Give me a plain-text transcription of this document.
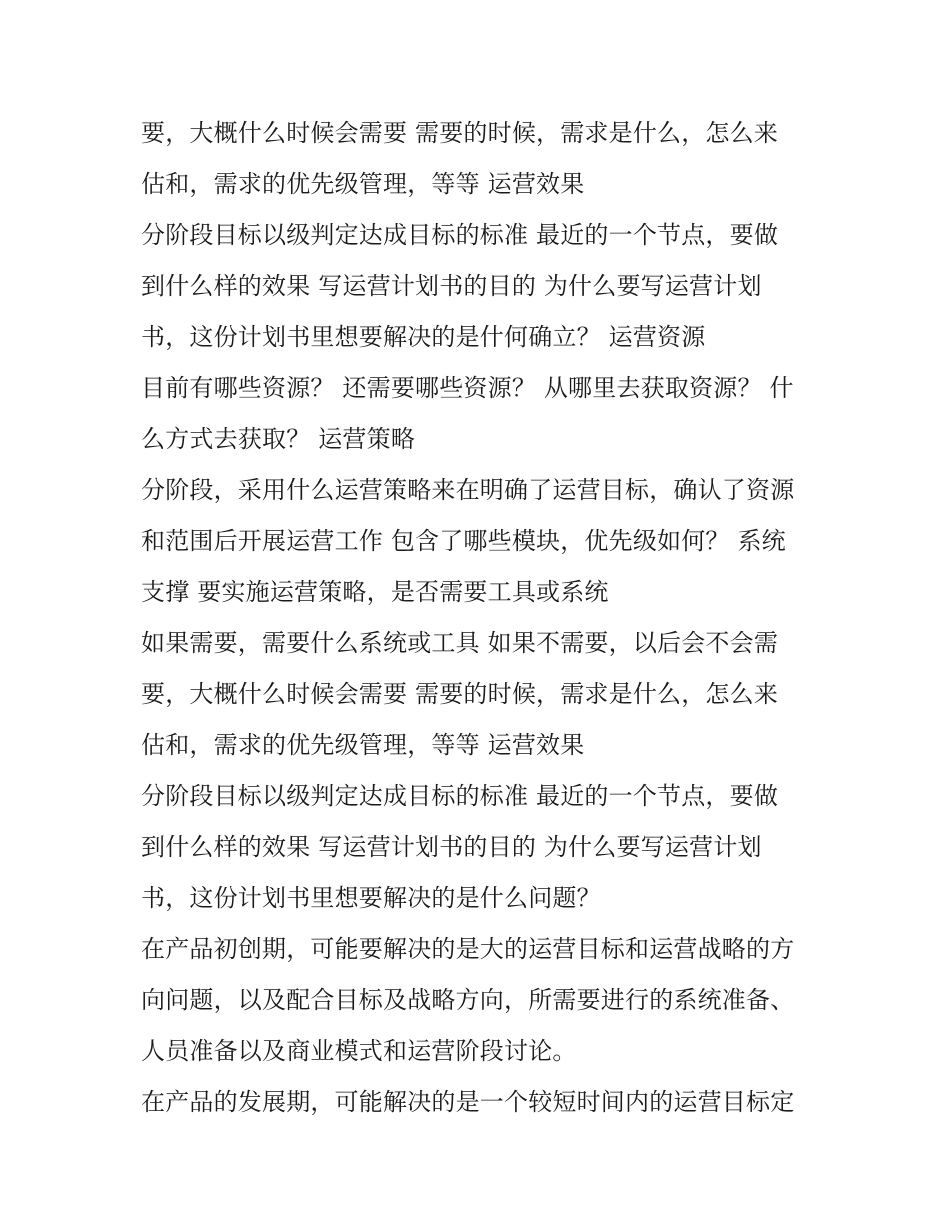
要，大概什么时候会需要 需要的时候，需求是什么，怎么来
估和，需求的优先级管理，等等 运营效果
分阶段目标以级判定达成目标的标准 最近的一个节点，要做
到什么样的效果 写运营计划书的目的 为什么要写运营计划
书，这份计划书里想要解决的是什何确立？ 运营资源
目前有哪些资源？ 还需要哪些资源？ 从哪里去获取资源？ 什
么方式去获取？ 运营策略
分阶段，采用什么运营策略来在明确了运营目标，确认了资源
和范围后开展运营工作 包含了哪些模块，优先级如何？ 系统
支撑 要实施运营策略，是否需要工具或系统
如果需要，需要什么系统或工具 如果不需要，以后会不会需
要，大概什么时候会需要 需要的时候，需求是什么，怎么来
估和，需求的优先级管理，等等 运营效果
分阶段目标以级判定达成目标的标准 最近的一个节点，要做
到什么样的效果 写运营计划书的目的 为什么要写运营计划
书，这份计划书里想要解决的是什么问题？
在产品初创期，可能要解决的是大的运营目标和运营战略的方
向问题，以及配合目标及战略方向，所需要进行的系统准备、
人员准备以及商业模式和运营阶段讨论。
在产品的发展期，可能解决的是一个较短时间内的运营目标定
